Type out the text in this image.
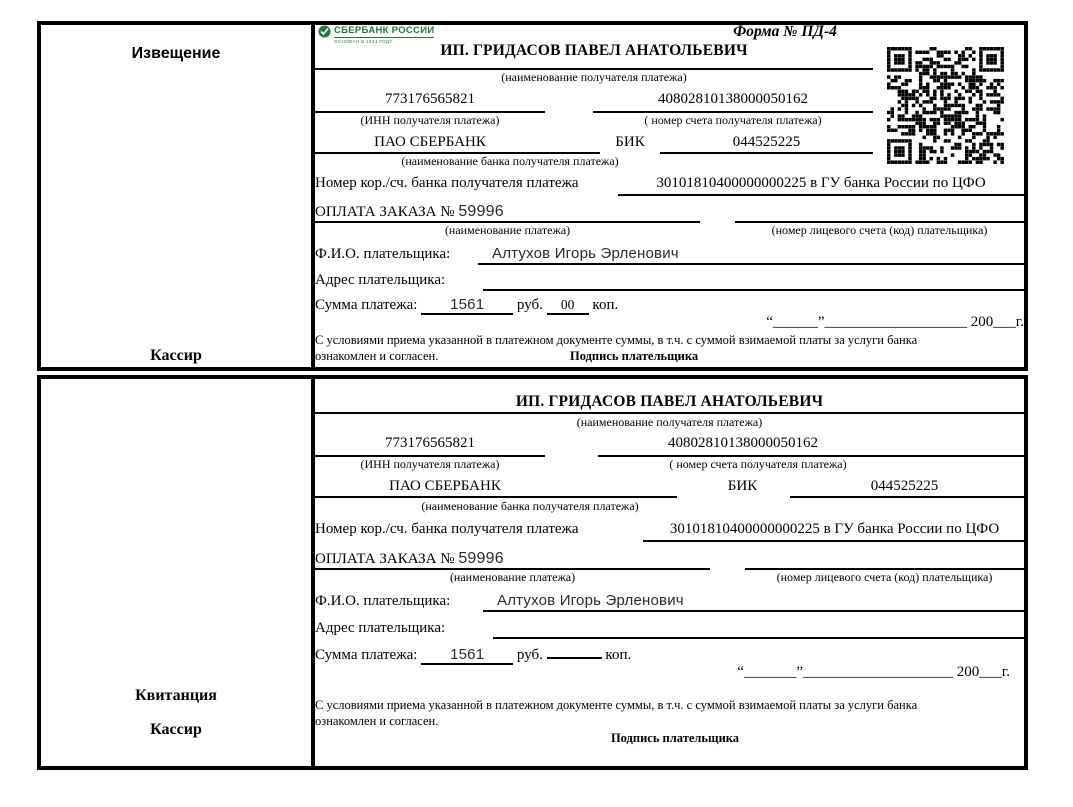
Извещение
Кассир
СБЕРБАНК РОССИИ
ОСНОВАН В 1841 ГОДУ
Форма № ПД-4
ИП. ГРИДАСОВ ПАВЕЛ АНАТОЛЬЕВИЧ
(наименование получателя платежа)
773176565821	40802810138000050162
(ИНН получателя платежа)	( номер счета получателя платежа)
ПАО СБЕРБАНК	БИК	044525225
(наименование банка получателя платежа)
Номер кор./сч. банка получателя платежа	30101810400000000225 в ГУ банка России по ЦФО
ОПЛАТА ЗАКАЗА № 59996
(наименование платежа)	(номер лицевого счета (код) плательщика)
Ф.И.О. плательщика:	Алтухов Игорь Эрленович
Адрес плательщика:
Сумма платежа: 1561 руб. 00 коп.
“______”___________________ 200___г.
С условиями приема указанной в платежном документе суммы, в т.ч. с суммой взимаемой платы за услуги банка
ознакомлен и согласен.	Подпись плательщика
Квитанция
Кассир
ИП. ГРИДАСОВ ПАВЕЛ АНАТОЛЬЕВИЧ
(наименование получателя платежа)
773176565821	40802810138000050162
(ИНН получателя платежа)	( номер счета получателя платежа)
ПАО СБЕРБАНК	БИК	044525225
(наименование банка получателя платежа)
Номер кор./сч. банка получателя платежа	30101810400000000225 в ГУ банка России по ЦФО
ОПЛАТА ЗАКАЗА № 59996
(наименование платежа)	(номер лицевого счета (код) плательщика)
Ф.И.О. плательщика:	Алтухов Игорь Эрленович
Адрес плательщика:
Сумма платежа: 1561 руб.	коп.
“_______”____________________ 200___г.
С условиями приема указанной в платежном документе суммы, в т.ч. с суммой взимаемой платы за услуги банка
ознакомлен и согласен.
Подпись плательщика
